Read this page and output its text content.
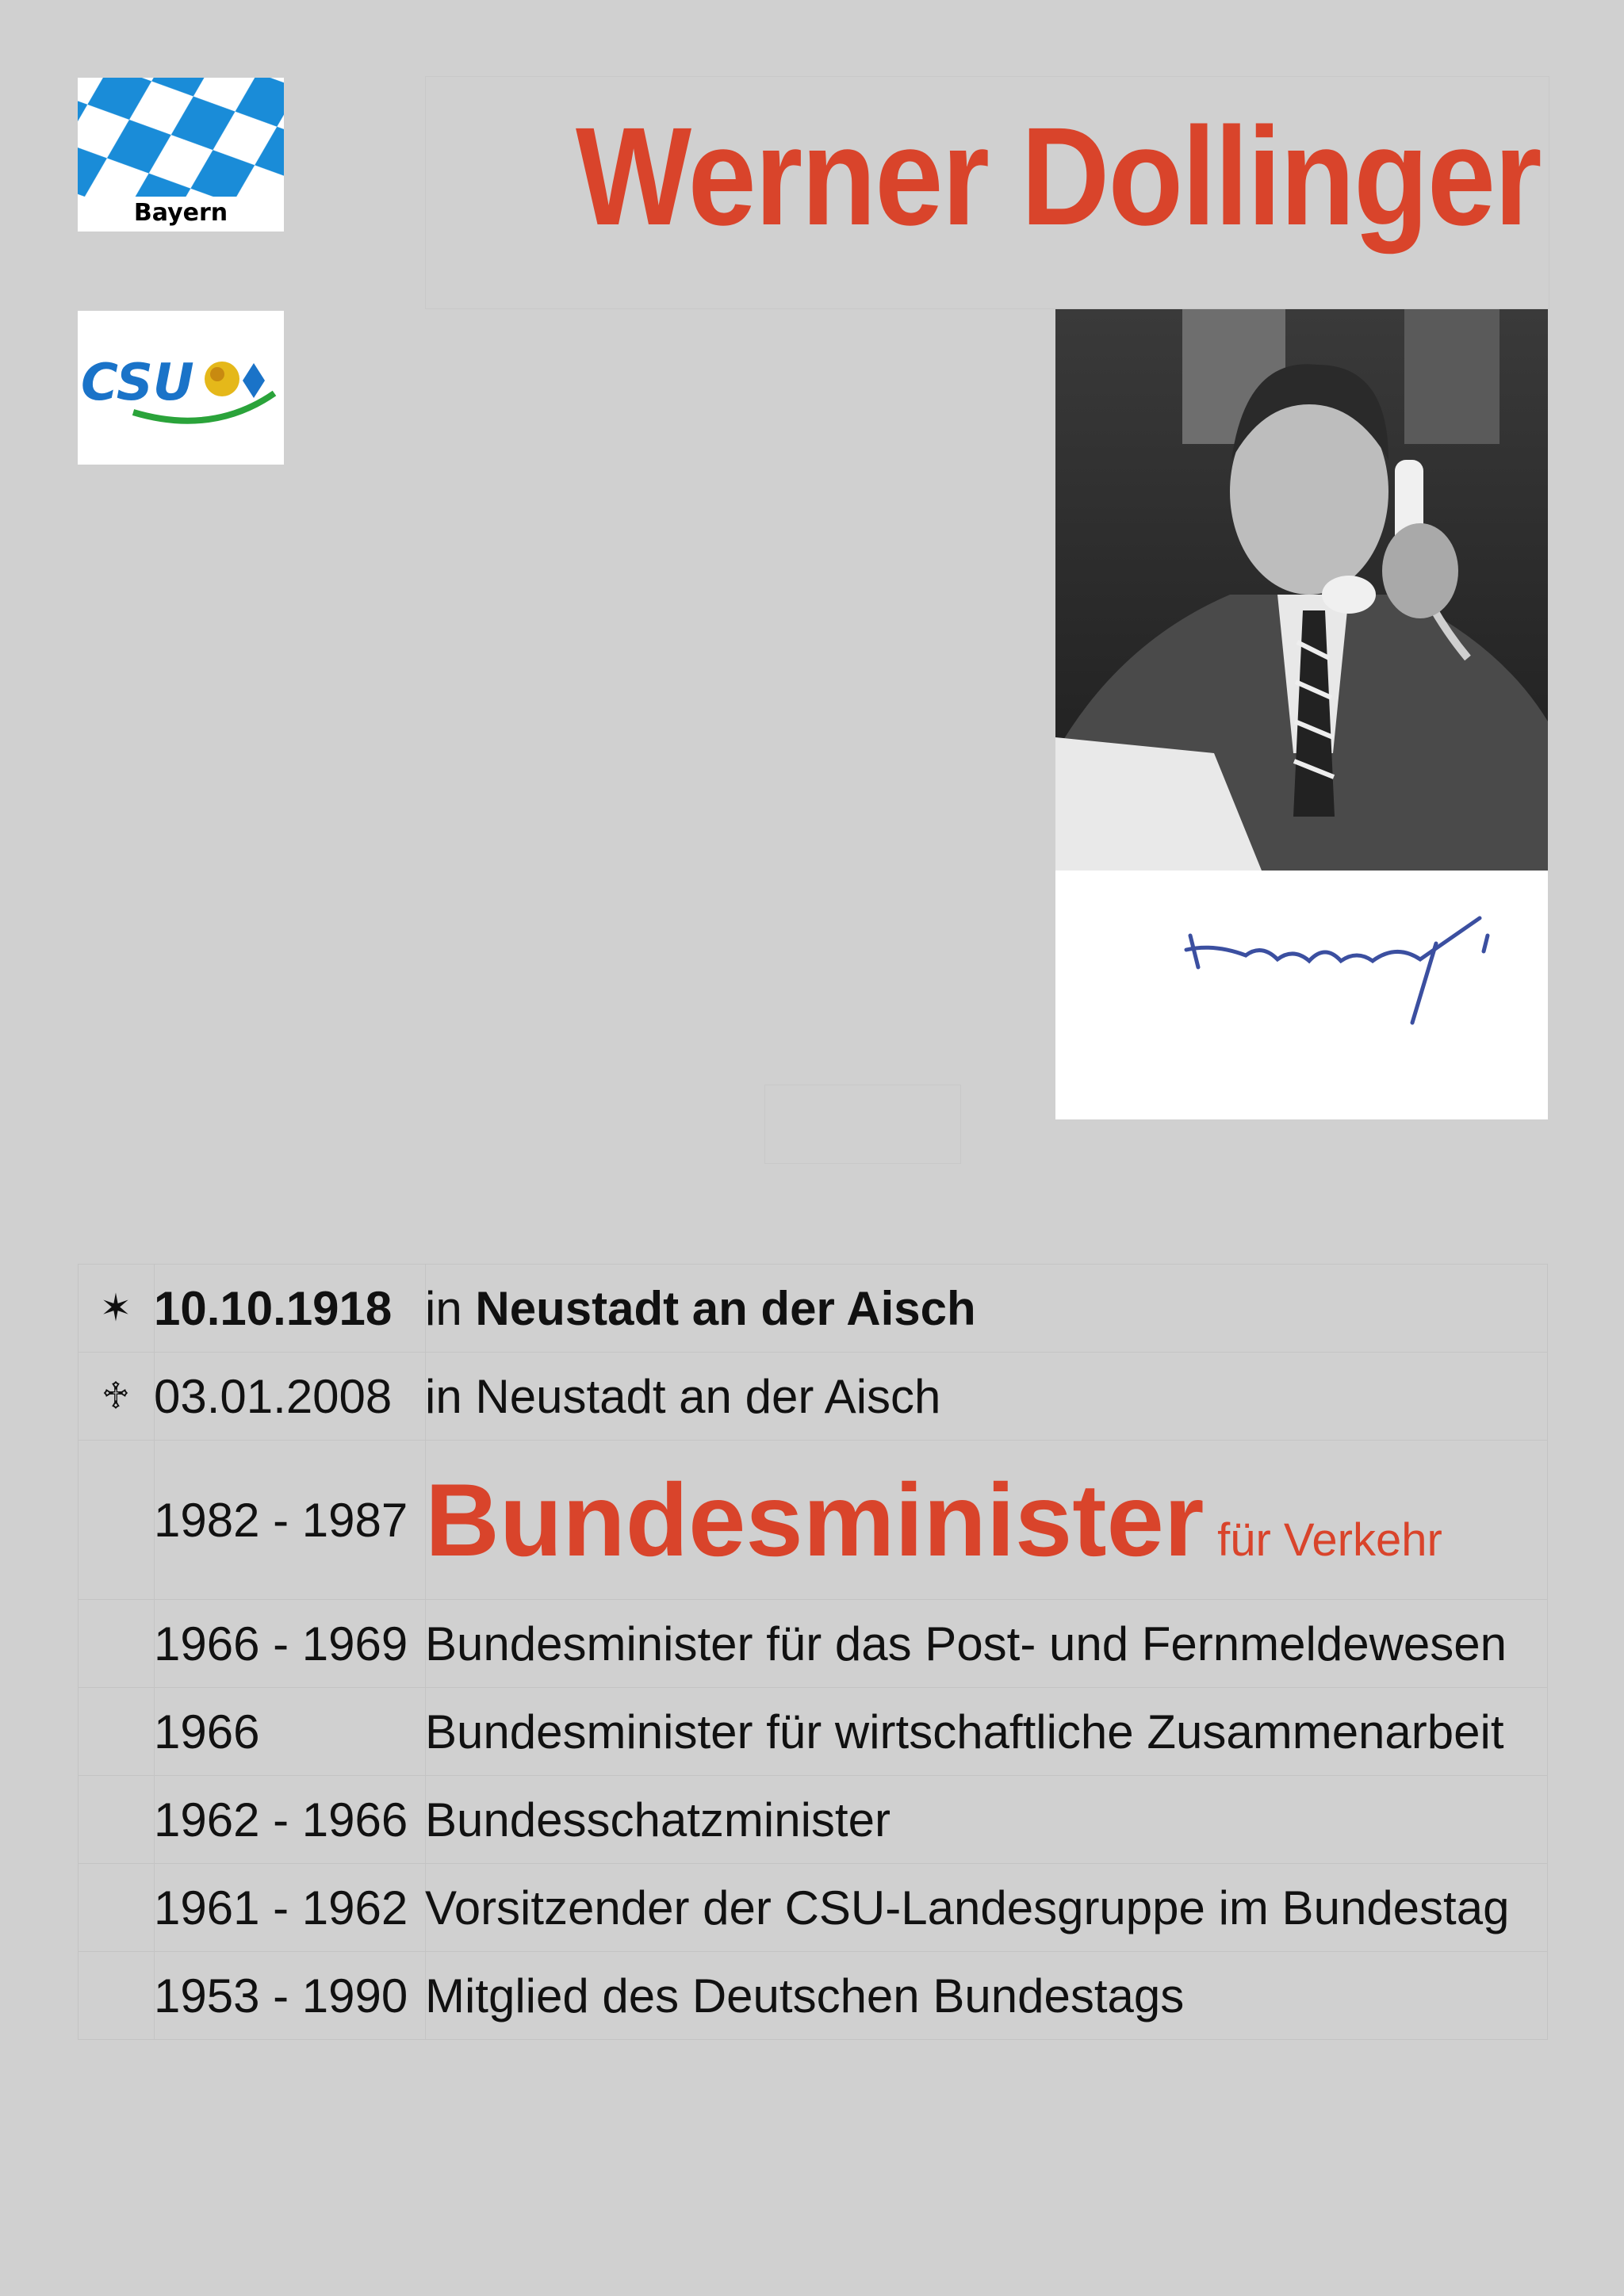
Bayern
CSU
Werner Dollinger
✶ 10.10.1918 in Neustadt an der Aisch
♱ 03.01.2008 in Neustadt an der Aisch
1982 - 1987 Bundesminister für Verkehr
1966 - 1969 Bundesminister für das Post- und Fernmeldewesen
1966	Bundesminister für wirtschaftliche Zusammenarbeit
1962 - 1966 Bundesschatzminister
1961 - 1962 Vorsitzender der CSU-Landesgruppe im Bundestag
1953 - 1990 Mitglied des Deutschen Bundestags
